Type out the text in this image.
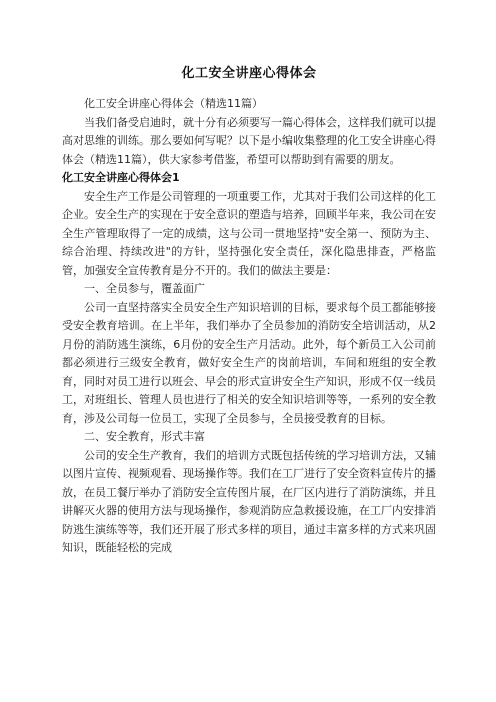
化工安全讲座心得体会

化工安全讲座心得体会（精选11篇）

当我们备受启迪时，就十分有必须要写一篇心得体会，这样我们就可以提高对思维的训练。那么要如何写呢？以下是小编收集整理的化工安全讲座心得体会（精选11篇），供大家参考借鉴，希望可以帮助到有需要的朋友。

化工安全讲座心得体会1

安全生产工作是公司管理的一项重要工作，尤其对于我们公司这样的化工企业。安全生产的实现在于安全意识的塑造与培养，回顾半年来，我公司在安全生产管理取得了一定的成绩，这与公司一贯地坚持"安全第一、预防为主、综合治理、持续改进"的方针，坚持强化安全责任，深化隐患排查，严格监管，加强安全宣传教育是分不开的。我们的做法主要是：

一、全员参与，覆盖面广

公司一直坚持落实全员安全生产知识培训的目标，要求每个员工都能够接受安全教育培训。在上半年，我们举办了全员参加的消防安全培训活动，从2月份的消防逃生演练，6月份的安全生产月活动。此外，每个新员工入公司前都必须进行三级安全教育，做好安全生产的岗前培训，车间和班组的安全教育，同时对员工进行以班会、早会的形式宣讲安全生产知识，形成不仅一线员工，对班组长、管理人员也进行了相关的安全知识培训等等，一系列的安全教育，涉及公司每一位员工，实现了全员参与，全员接受教育的目标。

二、安全教育，形式丰富

公司的安全生产教育，我们的培训方式既包括传统的学习培训方法，又辅以图片宣传、视频观看、现场操作等。我们在工厂进行了安全资料宣传片的播放，在员工餐厅举办了消防安全宣传图片展，在厂区内进行了消防演练，并且讲解灭火器的使用方法与现场操作，参观消防应急救援设施，在工厂内安排消防逃生演练等等，我们还开展了形式多样的项目，通过丰富多样的方式来巩固知识，既能轻松的完成
